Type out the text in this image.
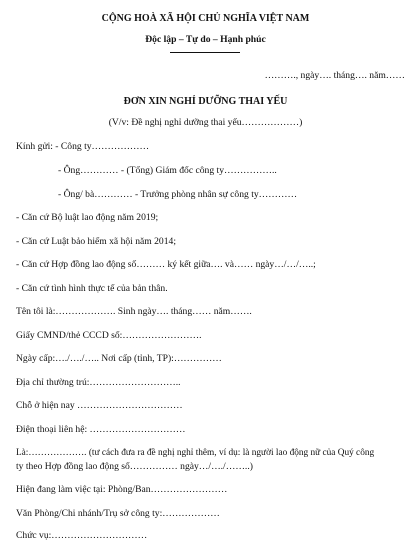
CỘNG HOÀ XÃ HỘI CHỦ NGHĨA VIỆT NAM
Độc lập – Tự do – Hạnh phúc
………., ngày…. tháng…. năm……
ĐƠN XIN NGHỈ DƯỠNG THAI YẾU
(V/v: Đề nghị nghỉ dưỡng thai yếu………………)
Kính gửi: - Công ty………………
- Ông………… - (Tổng) Giám đốc công ty……………..
- Ông/ bà………… - Trưởng phòng nhân sự công ty…………
- Căn cứ Bộ luật lao động năm 2019;
- Căn cứ Luật bảo hiểm xã hội năm 2014;
- Căn cứ Hợp đồng lao động số……… ký kết giữa…. và…… ngày…/…/…..;
- Căn cứ tình hình thực tế của bản thân.
Tên tôi là:………………. Sinh ngày…. tháng…… năm…….
Giấy CMND/thẻ CCCD số:…………………….
Ngày cấp:…./…./….. Nơi cấp (tỉnh, TP):……………
Địa chỉ thường trú:………………………..
Chỗ ở hiện nay ……………………………
Điện thoại liên hệ: …………………………
Là:………………. (tư cách đưa ra đề nghị nghỉ thêm, ví dụ: là người lao động nữ của Quý công
ty theo Hợp đồng lao động số…………… ngày…/…./……..)
Hiện đang làm việc tại: Phòng/Ban……………………
Văn Phòng/Chi nhánh/Trụ sở công ty:………………
Chức vụ:…………………………
